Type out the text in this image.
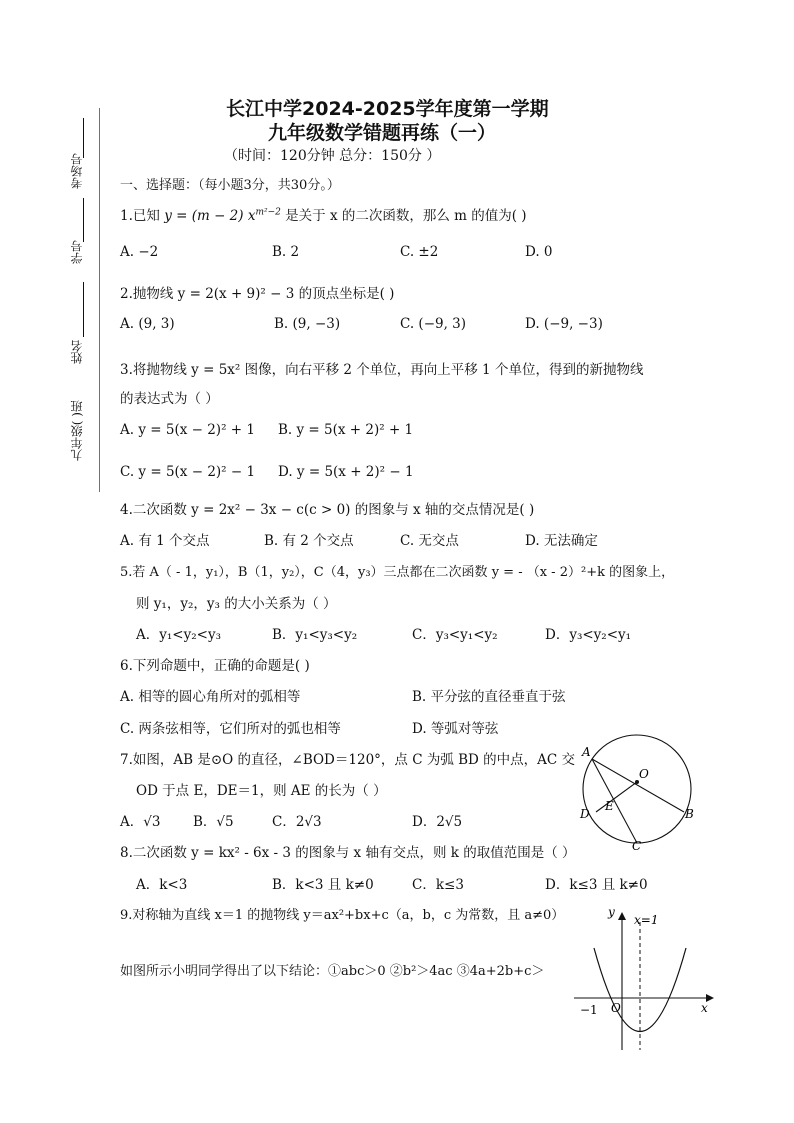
考场号
学号
姓名
九年级( )班
长江中学2024-2025学年度第一学期
九年级数学错题再练（一）
（时间：120分钟 总分：150分 ）
一、选择题：（每小题3分，共30分。）
1.已知 y = (m − 2) $x^{m^2-2}$ 是关于 x 的二次函数，那么 m 的值为( )
A. −2	B. 2	C. ±2	D. 0
2.抛物线 y = 2(x + 9)² − 3 的顶点坐标是( )
A. (9, 3)	B. (9, −3)	C. (−9, 3)	D. (−9, −3)
3.将抛物线 y = 5x² 图像，向右平移 2 个单位，再向上平移 1 个单位，得到的新抛物线
的表达式为（ ）
A. y = 5(x − 2)² + 1 B. y = 5(x + 2)² + 1
C. y = 5(x − 2)² − 1 D. y = 5(x + 2)² − 1
4.二次函数 y = 2x² − 3x − c(c > 0) 的图象与 x 轴的交点情况是( )
A. 有 1 个交点	B. 有 2 个交点	C. 无交点	D. 无法确定
5.若 A（ - 1，y₁），B（1，y₂），C（4，y₃）三点都在二次函数 y = - （x - 2）²+k 的图象上，
则 y₁，y₂，y₃ 的大小关系为（ ）
A．y₁<y₂<y₃	B．y₁<y₃<y₂	C．y₃<y₁<y₂	D．y₃<y₂<y₁
6.下列命题中，正确的命题是( )
A. 相等的圆心角所对的弧相等	B. 平分弦的直径垂直于弦
C. 两条弦相等，它们所对的弧也相等	D. 等弧对等弦
7.如图，AB 是⊙O 的直径，∠BOD＝120°，点 C 为弧 BD 的中点，AC 交
OD 于点 E，DE＝1，则 AE 的长为（ ）
A．√3 B．√5	C．2√3	D．2√5
A
O
E
D	B
C
8.二次函数 y = kx² - 6x - 3 的图象与 x 轴有交点，则 k 的取值范围是（ ）
A．k<3	B．k<3 且 k≠0	C．k≤3	D．k≤3 且 k≠0
9.对称轴为直线 x＝1 的抛物线 y＝ax²+bx+c（a，b，c 为常数，且 a≠0）
如图所示小明同学得出了以下结论：①abc＞0 ②b²＞4ac ③4a+2b+c＞
y
x
x=1
−1 O
